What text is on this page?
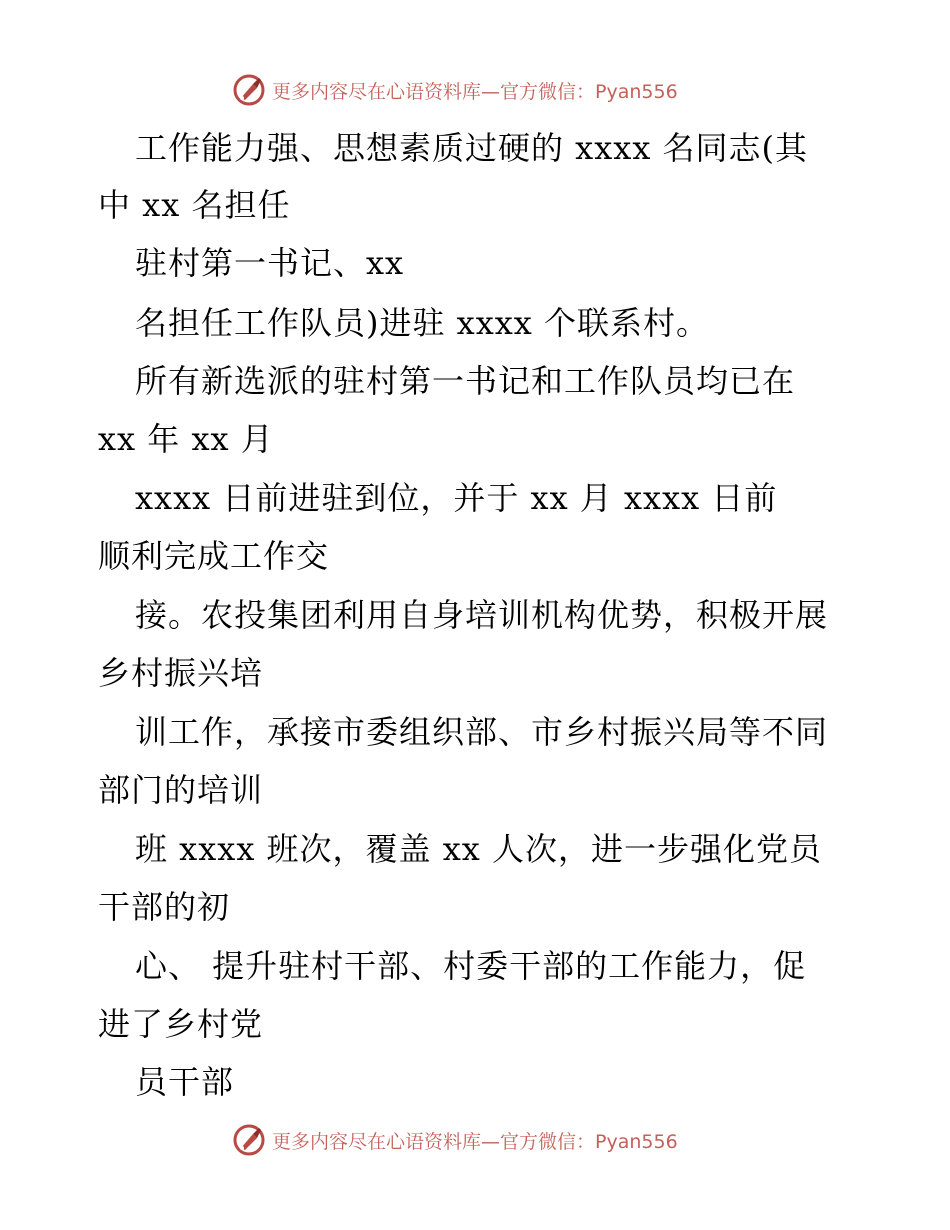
更多内容尽在心语资料库—官方微信：Pyan556
工作能力强、思想素质过硬的 xxxx 名同志(其
中 xx 名担任
驻村第一书记、xx
名担任工作队员)进驻 xxxx 个联系村。
所有新选派的驻村第一书记和工作队员均已在
xx 年 xx 月
xxxx 日前进驻到位，并于 xx 月 xxxx 日前
顺利完成工作交
接。农投集团利用自身培训机构优势，积极开展
乡村振兴培
训工作，承接市委组织部、市乡村振兴局等不同
部门的培训
班 xxxx 班次，覆盖 xx 人次，进一步强化党员
干部的初
心、 提升驻村干部、村委干部的工作能力，促
进了乡村党
员干部
更多内容尽在心语资料库—官方微信：Pyan556
